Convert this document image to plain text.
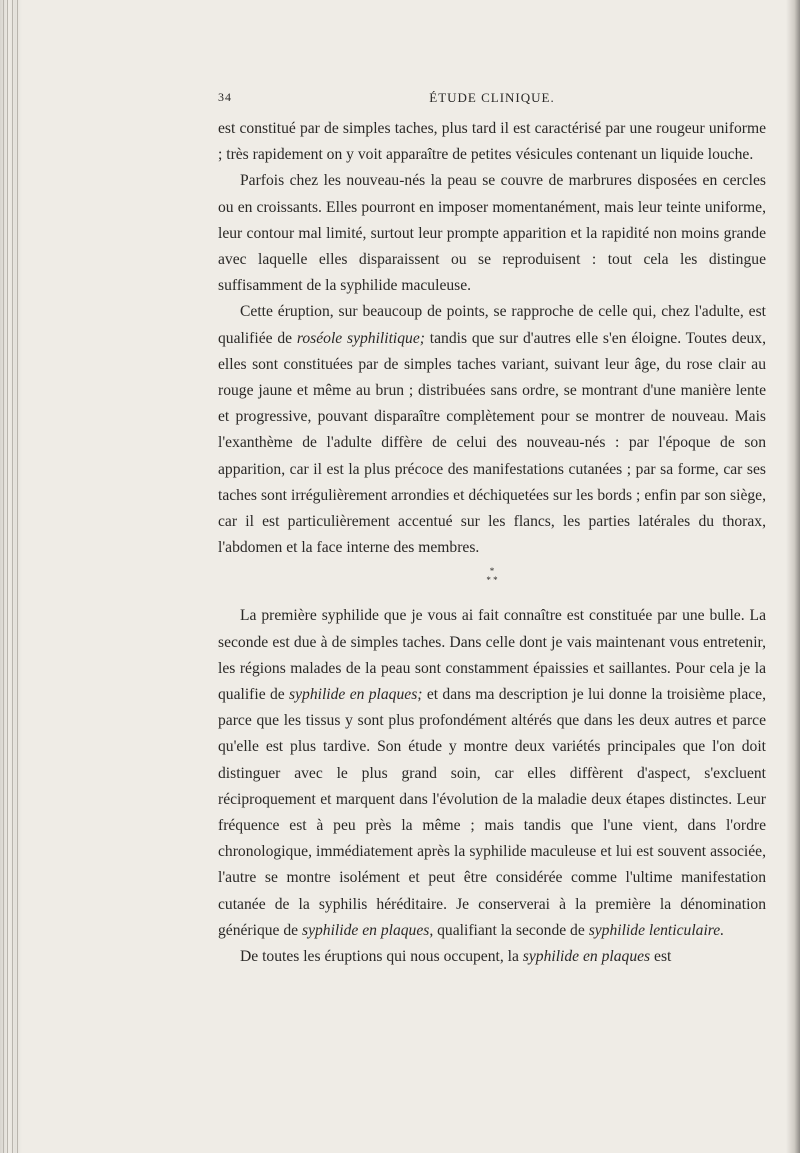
34	ÉTUDE CLINIQUE.

est constitué par de simples taches, plus tard il est caractérisé par une rougeur uniforme ; très rapidement on y voit apparaître de petites vésicules contenant un liquide louche.

Parfois chez les nouveau-nés la peau se couvre de marbrures disposées en cercles ou en croissants. Elles pourront en imposer momentanément, mais leur teinte uniforme, leur contour mal limité, surtout leur prompte apparition et la rapidité non moins grande avec laquelle elles disparaissent ou se reproduisent : tout cela les distingue suffisamment de la syphilide maculeuse.

Cette éruption, sur beaucoup de points, se rapproche de celle qui, chez l'adulte, est qualifiée de roséole syphilitique; tandis que sur d'autres elle s'en éloigne. Toutes deux, elles sont constituées par de simples taches variant, suivant leur âge, du rose clair au rouge jaune et même au brun ; distribuées sans ordre, se montrant d'une manière lente et progressive, pouvant disparaître complètement pour se montrer de nouveau. Mais l'exanthème de l'adulte diffère de celui des nouveau-nés : par l'époque de son apparition, car il est la plus précoce des manifestations cutanées ; par sa forme, car ses taches sont irrégulièrement arrondies et déchiquetées sur les bords ; enfin par son siège, car il est particulièrement accentué sur les flancs, les parties latérales du thorax, l'abdomen et la face interne des membres.

*
* *

La première syphilide que je vous ai fait connaître est constituée par une bulle. La seconde est due à de simples taches. Dans celle dont je vais maintenant vous entretenir, les régions malades de la peau sont constamment épaissies et saillantes. Pour cela je la qualifie de syphilide en plaques; et dans ma description je lui donne la troisième place, parce que les tissus y sont plus profondément altérés que dans les deux autres et parce qu'elle est plus tardive. Son étude y montre deux variétés principales que l'on doit distinguer avec le plus grand soin, car elles diffèrent d'aspect, s'excluent réciproquement et marquent dans l'évolution de la maladie deux étapes distinctes. Leur fréquence est à peu près la même ; mais tandis que l'une vient, dans l'ordre chronologique, immédiatement après la syphilide maculeuse et lui est souvent associée, l'autre se montre isolément et peut être considérée comme l'ultime manifestation cutanée de la syphilis héréditaire. Je conserverai à la première la dénomination générique de syphilide en plaques, qualifiant la seconde de syphilide lenticulaire.

De toutes les éruptions qui nous occupent, la syphilide en plaques est
